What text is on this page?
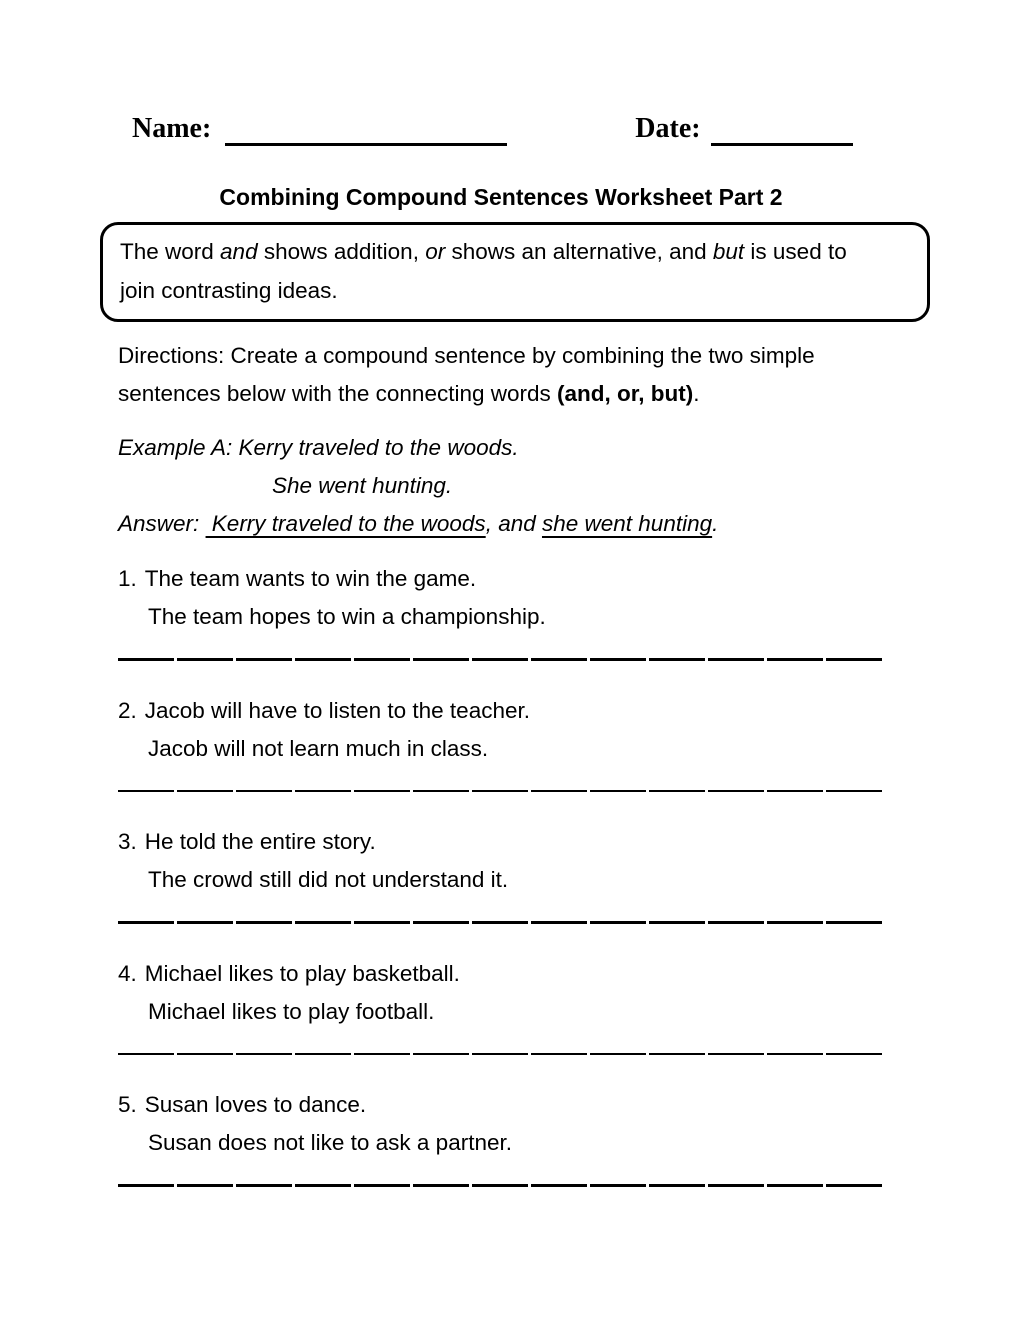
Name:	Date:
Combining Compound Sentences Worksheet Part 2

The word and shows addition, or shows an alternative, and but is used to

join contrasting ideas.

Directions: Create a compound sentence by combining the two simple

sentences below with the connecting words (and, or, but).

Example A: Kerry traveled to the woods.

She went hunting.

Answer:  Kerry traveled to the woods, and she went hunting.

1. The team wants to win the game.

The team hopes to win a championship.

2. Jacob will have to listen to the teacher.

Jacob will not learn much in class.

3. He told the entire story.

The crowd still did not understand it.

4. Michael likes to play basketball.

Michael likes to play football.

5. Susan loves to dance.

Susan does not like to ask a partner.
